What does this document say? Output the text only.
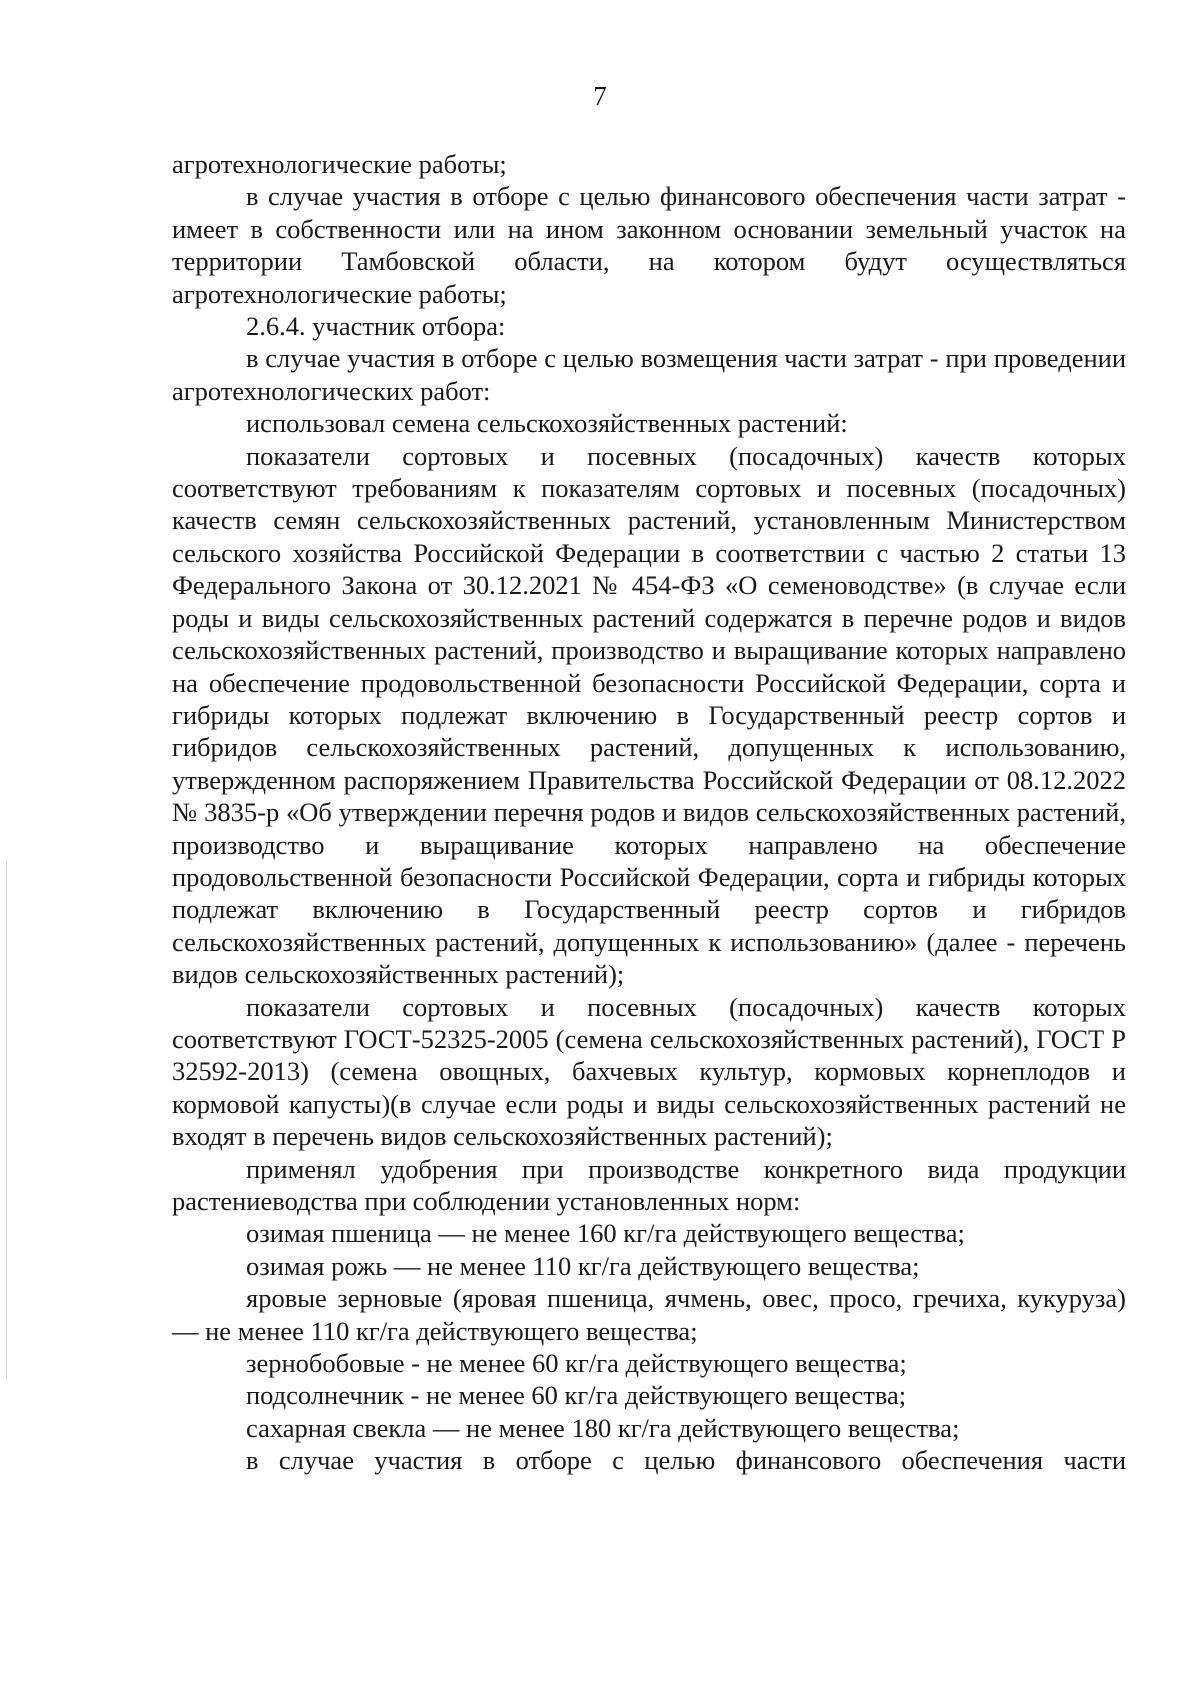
7

агротехнологические работы;

в случае участия в отборе с целью финансового обеспечения части затрат - имеет в собственности или на ином законном основании земельный участок на территории Тамбовской области, на котором будут осуществляться агротехнологические работы;

2.6.4. участник отбора:

в случае участия в отборе с целью возмещения части затрат - при проведении агротехнологических работ:

использовал семена сельскохозяйственных растений:

показатели сортовых и посевных (посадочных) качеств которых соответствуют требованиям к показателям сортовых и посевных (посадочных) качеств семян сельскохозяйственных растений, установленным Министерством сельского хозяйства Российской Федерации в соответствии с частью 2 статьи 13 Федерального Закона от 30.12.2021 № 454-ФЗ «О семеноводстве» (в случае если роды и виды сельскохозяйственных растений содержатся в перечне родов и видов сельскохозяйственных растений, производство и выращивание которых направлено на обеспечение продовольственной безопасности Российской Федерации, сорта и гибриды которых подлежат включению в Государственный реестр сортов и гибридов сельскохозяйственных растений, допущенных к использованию, утвержденном распоряжением Правительства Российской Федерации от 08.12.2022 № 3835-р «Об утверждении перечня родов и видов сельскохозяйственных растений, производство и выращивание которых направлено на обеспечение продовольственной безопасности Российской Федерации, сорта и гибриды которых подлежат включению в Государственный реестр сортов и гибридов сельскохозяйственных растений, допущенных к использованию» (далее - перечень видов сельскохозяйственных растений);

показатели сортовых и посевных (посадочных) качеств которых соответствуют ГОСТ-52325-2005 (семена сельскохозяйственных растений), ГОСТ Р 32592-2013) (семена овощных, бахчевых культур, кормовых корнеплодов и кормовой капусты)(в случае если роды и виды сельскохозяйственных растений не входят в перечень видов сельскохозяйственных растений);

применял удобрения при производстве конкретного вида продукции растениеводства при соблюдении установленных норм:

озимая пшеница — не менее 160 кг/га действующего вещества;

озимая рожь — не менее 110 кг/га действующего вещества;

яровые зерновые (яровая пшеница, ячмень, овес, просо, гречиха, кукуруза) — не менее 110 кг/га действующего вещества;

зернобобовые - не менее 60 кг/га действующего вещества;

подсолнечник - не менее 60 кг/га действующего вещества;

сахарная свекла — не менее 180 кг/га действующего вещества;

в случае участия в отборе с целью финансового обеспечения части
